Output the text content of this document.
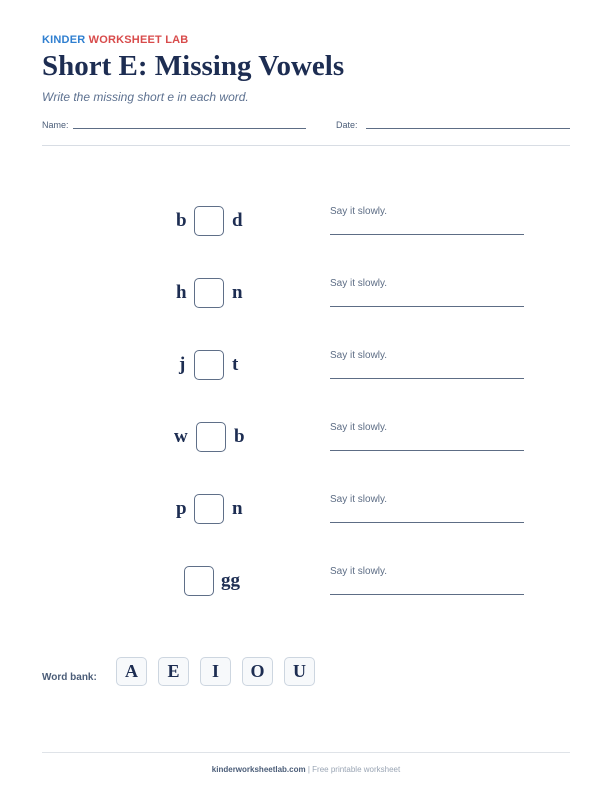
KINDER WORKSHEET LAB
Short E: Missing Vowels
Write the missing short e in each word.
Name:	Date:
b d	Say it slowly.
h n	Say it slowly.
j t	Say it slowly.
w b	Say it slowly.
p n	Say it slowly.
gg	Say it slowly.
Word bank:	A	E	I	O	U
kinderworksheetlab.com | Free printable worksheet
